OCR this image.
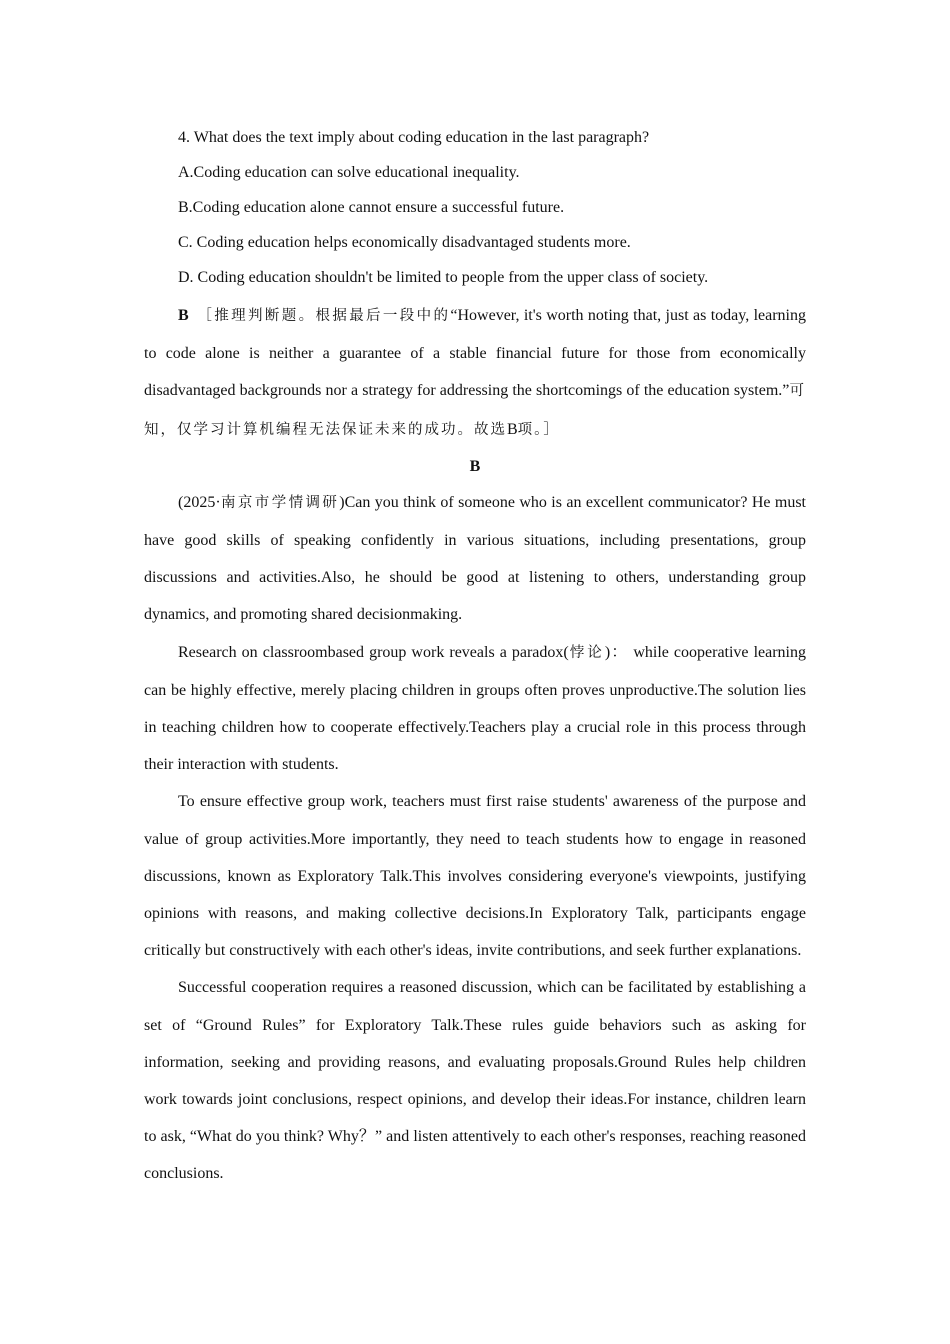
4. What does the text imply about coding education in the last paragraph?

A.Coding education can solve educational inequality.

B.Coding education alone cannot ensure a successful future.

C. Coding education helps economically disadvantaged students more.

D. Coding education shouldn't be limited to people from the upper class of society.

B ［推理判断题。根据最后一段中的“However, it's worth noting that, just as today, learning to code alone is neither a guarantee of a stable financial future for those from economically disadvantaged backgrounds nor a strategy for addressing the shortcomings of the education system.”可知，仅学习计算机编程无法保证未来的成功。故选B项。］

B

(2025·南京市学情调研)Can you think of someone who is an excellent communicator? He must have good skills of speaking confidently in various situations, including presentations, group discussions and activities.Also, he should be good at listening to others, understanding group dynamics, and promoting shared decisionmaking.

Research on classroombased group work reveals a paradox(悖论)： while cooperative learning can be highly effective, merely placing children in groups often proves unproductive.The solution lies in teaching children how to cooperate effectively.Teachers play a crucial role in this process through their interaction with students.

To ensure effective group work, teachers must first raise students' awareness of the purpose and value of group activities.More importantly, they need to teach students how to engage in reasoned discussions, known as Exploratory Talk.This involves considering everyone's viewpoints, justifying opinions with reasons, and making collective decisions.In Exploratory Talk, participants engage critically but constructively with each other's ideas, invite contributions, and seek further explanations.

Successful cooperation requires a reasoned discussion, which can be facilitated by establishing a set of “Ground Rules” for Exploratory Talk.These rules guide behaviors such as asking for information, seeking and providing reasons, and evaluating proposals.Ground Rules help children work towards joint conclusions, respect opinions, and develop their ideas.For instance, children learn to ask, “What do you think? Why？” and listen attentively to each other's responses, reaching reasoned conclusions.
